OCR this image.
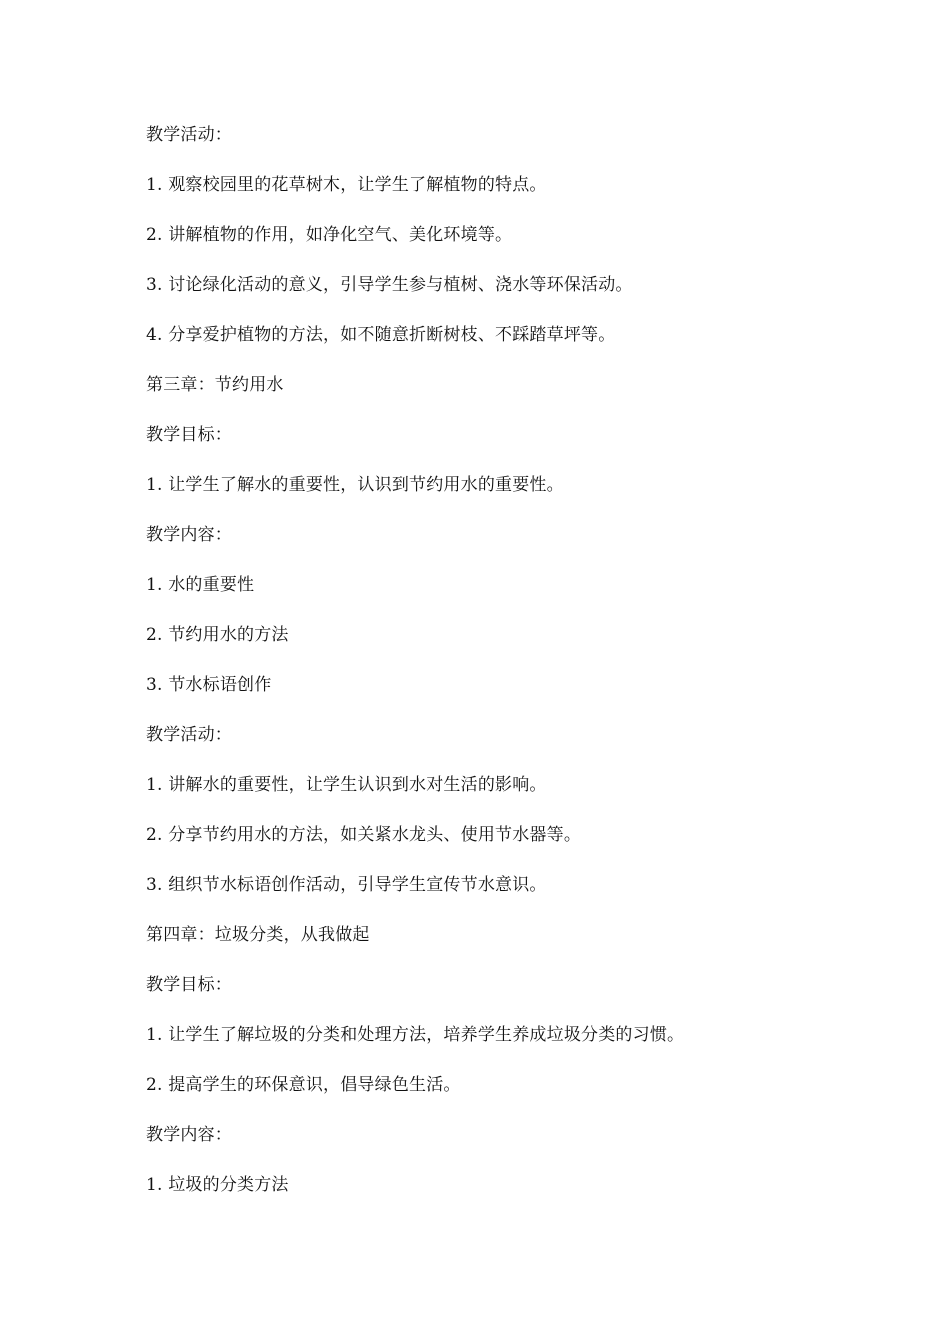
教学活动：
1. 观察校园里的花草树木，让学生了解植物的特点。
2. 讲解植物的作用，如净化空气、美化环境等。
3. 讨论绿化活动的意义，引导学生参与植树、浇水等环保活动。
4. 分享爱护植物的方法，如不随意折断树枝、不踩踏草坪等。
第三章：节约用水
教学目标：
1. 让学生了解水的重要性，认识到节约用水的重要性。
教学内容：
1. 水的重要性
2. 节约用水的方法
3. 节水标语创作
教学活动：
1. 讲解水的重要性，让学生认识到水对生活的影响。
2. 分享节约用水的方法，如关紧水龙头、使用节水器等。
3. 组织节水标语创作活动，引导学生宣传节水意识。
第四章：垃圾分类，从我做起
教学目标：
1. 让学生了解垃圾的分类和处理方法，培养学生养成垃圾分类的习惯。
2. 提高学生的环保意识，倡导绿色生活。
教学内容：
1. 垃圾的分类方法
